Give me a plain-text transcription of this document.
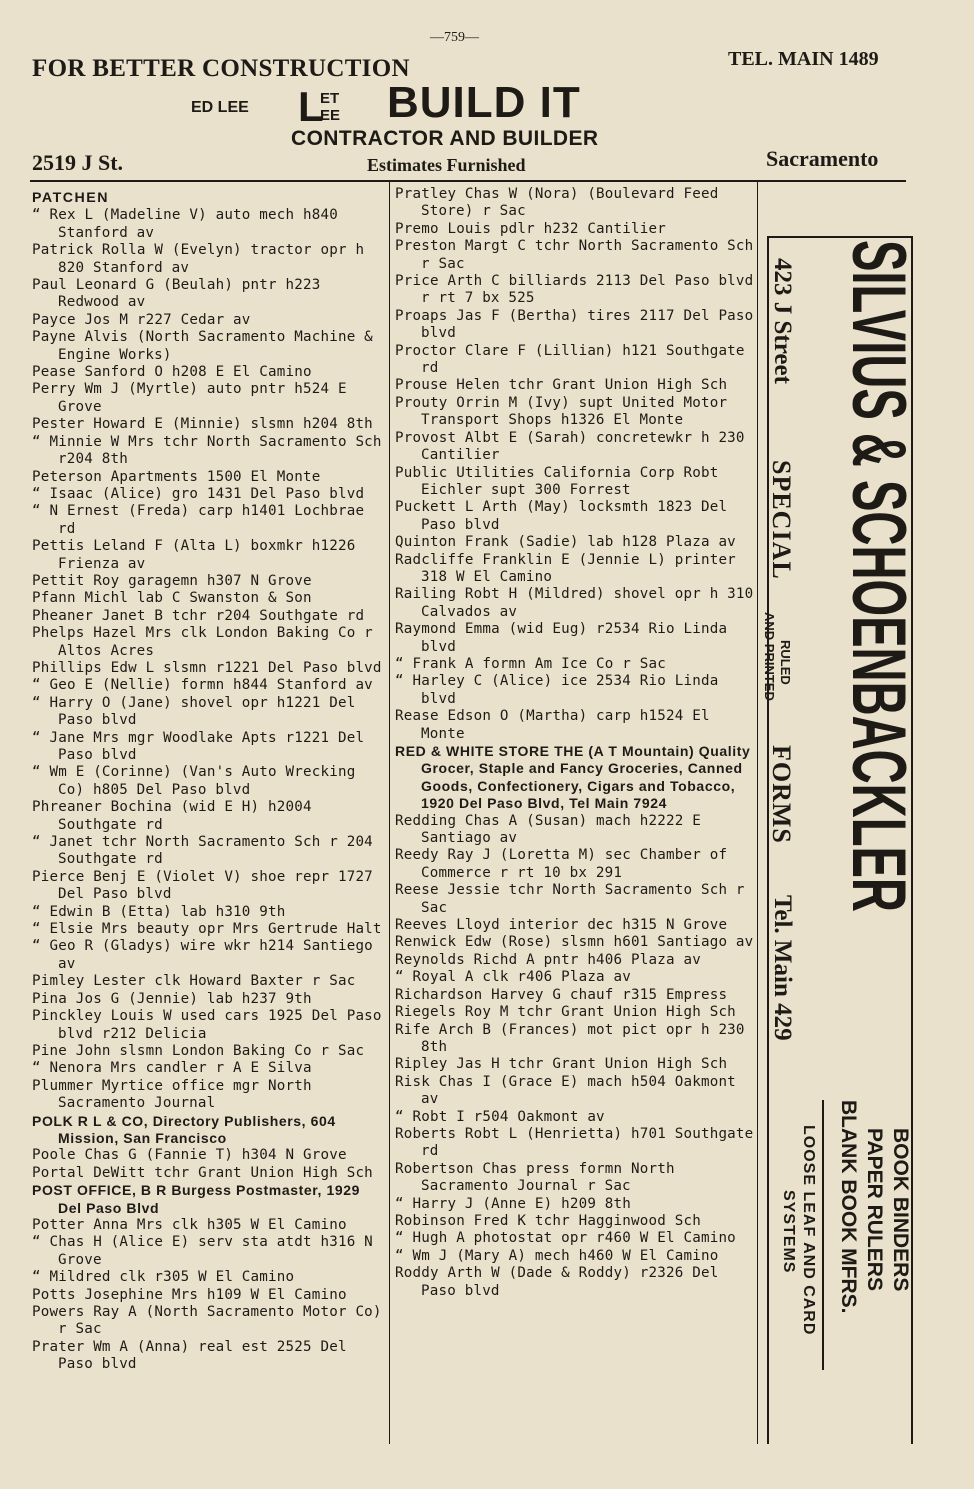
—759—
FOR BETTER CONSTRUCTION	TEL. MAIN 1489
ED LEE L
ET
EE BUILD IT
CONTRACTOR AND BUILDER
2519 J St.	Estimates Furnished	Sacramento
PATCHEN
“ Rex L (Madeline V) auto mech h840 Stanford av
Patrick Rolla W (Evelyn) tractor opr h 820 Stanford av
Paul Leonard G (Beulah) pntr h223 Redwood av
Payce Jos M r227 Cedar av
Payne Alvis (North Sacramento Machine & Engine Works)
Pease Sanford O h208 E El Camino
Perry Wm J (Myrtle) auto pntr h524 E Grove
Pester Howard E (Minnie) slsmn h204 8th
“ Minnie W Mrs tchr North Sacramento Sch r204 8th
Peterson Apartments 1500 El Monte
“ Isaac (Alice) gro 1431 Del Paso blvd
“ N Ernest (Freda) carp h1401 Lochbrae rd
Pettis Leland F (Alta L) boxmkr h1226 Frienza av
Pettit Roy garagemn h307 N Grove
Pfann Michl lab C Swanston & Son
Pheaner Janet B tchr r204 Southgate rd
Phelps Hazel Mrs clk London Baking Co r Altos Acres
Phillips Edw L slsmn r1221 Del Paso blvd
“ Geo E (Nellie) formn h844 Stanford av
“ Harry O (Jane) shovel opr h1221 Del Paso blvd
“ Jane Mrs mgr Woodlake Apts r1221 Del Paso blvd
“ Wm E (Corinne) (Van's Auto Wrecking Co) h805 Del Paso blvd
Phreaner Bochina (wid E H) h2004 Southgate rd
“ Janet tchr North Sacramento Sch r 204 Southgate rd
Pierce Benj E (Violet V) shoe repr 1727 Del Paso blvd
“ Edwin B (Etta) lab h310 9th
“ Elsie Mrs beauty opr Mrs Gertrude Halt
“ Geo R (Gladys) wire wkr h214 Santiego av
Pimley Lester clk Howard Baxter r Sac
Pina Jos G (Jennie) lab h237 9th
Pinckley Louis W used cars 1925 Del Paso blvd r212 Delicia
Pine John slsmn London Baking Co r Sac
“ Nenora Mrs candler r A E Silva
Plummer Myrtice office mgr North Sacramento Journal
POLK R L & CO, Directory Publishers, 604 Mission, San Francisco
Poole Chas G (Fannie T) h304 N Grove
Portal DeWitt tchr Grant Union High Sch
POST OFFICE, B R Burgess Postmaster, 1929 Del Paso Blvd
Potter Anna Mrs clk h305 W El Camino
“ Chas H (Alice E) serv sta atdt h316 N Grove
“ Mildred clk r305 W El Camino
Potts Josephine Mrs h109 W El Camino
Powers Ray A (North Sacramento Motor Co) r Sac
Prater Wm A (Anna) real est 2525 Del Paso blvd
Pratley Chas W (Nora) (Boulevard Feed Store) r Sac
Premo Louis pdlr h232 Cantilier
Preston Margt C tchr North Sacramento Sch r Sac
Price Arth C billiards 2113 Del Paso blvd r rt 7 bx 525
Proaps Jas F (Bertha) tires 2117 Del Paso blvd
Proctor Clare F (Lillian) h121 Southgate rd
Prouse Helen tchr Grant Union High Sch
Prouty Orrin M (Ivy) supt United Motor Transport Shops h1326 El Monte
Provost Albt E (Sarah) concretewkr h 230 Cantilier
Public Utilities California Corp Robt Eichler supt 300 Forrest
Puckett L Arth (May) locksmth 1823 Del Paso blvd
Quinton Frank (Sadie) lab h128 Plaza av
Radcliffe Franklin E (Jennie L) printer 318 W El Camino
Railing Robt H (Mildred) shovel opr h 310 Calvados av
Raymond Emma (wid Eug) r2534 Rio Linda blvd
“ Frank A formn Am Ice Co r Sac
“ Harley C (Alice) ice 2534 Rio Linda blvd
Rease Edson O (Martha) carp h1524 El Monte
RED & WHITE STORE THE (A T Mountain) Quality Grocer, Staple and Fancy Groceries, Canned Goods, Confectionery, Cigars and Tobacco, 1920 Del Paso Blvd, Tel Main 7924
Redding Chas A (Susan) mach h2222 E Santiago av
Reedy Ray J (Loretta M) sec Chamber of Commerce r rt 10 bx 291
Reese Jessie tchr North Sacramento Sch r Sac
Reeves Lloyd interior dec h315 N Grove
Renwick Edw (Rose) slsmn h601 Santiago av
Reynolds Richd A pntr h406 Plaza av
“ Royal A clk r406 Plaza av
Richardson Harvey G chauf r315 Empress
Riegels Roy M tchr Grant Union High Sch
Rife Arch B (Frances) mot pict opr h 230 8th
Ripley Jas H tchr Grant Union High Sch
Risk Chas I (Grace E) mach h504 Oakmont av
“ Robt I r504 Oakmont av
Roberts Robt L (Henrietta) h701 Southgate rd
Robertson Chas press formn North Sacramento Journal r Sac
“ Harry J (Anne E) h209 8th
Robinson Fred K tchr Hagginwood Sch
“ Hugh A photostat opr r460 W El Camino
“ Wm J (Mary A) mech h460 W El Camino
Roddy Arth W (Dade & Roddy) r2326 Del Paso blvd
SILVIUS & SCHOENBACKLER
423 J Street
SPECIAL
RULED
AND PRINTED
FORMS
Tel. Main 429
BOOK BINDERS
PAPER RULERS
BLANK BOOK MFRS.
LOOSE LEAF AND CARD
SYSTEMS
